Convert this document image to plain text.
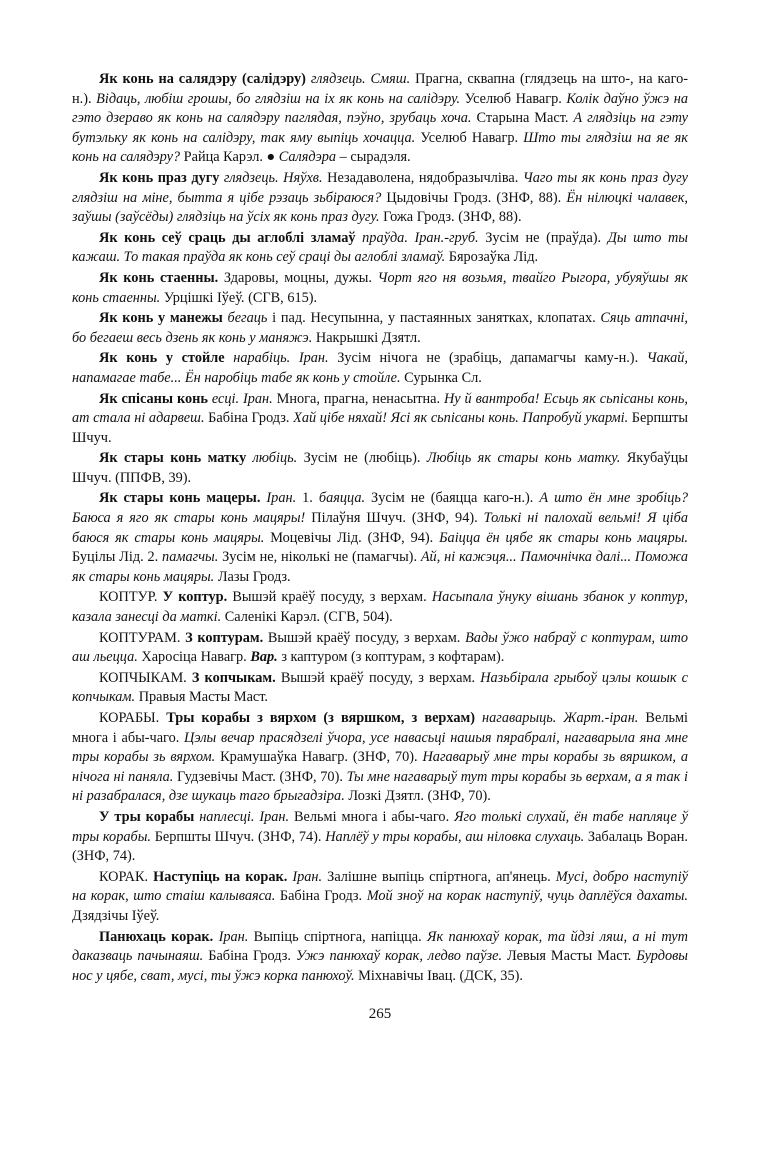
Як конь на салядэру (салідэру) глядзець. Смяш. Прагна, сквапна (глядзець на што-, на каго-н.). Відаць, любіш грошы, бо глядзіш на іх як конь на салідэру. Уселюб Навагр. Колік даўно ўжэ на гэто дзераво як конь на салядэру паглядая, пэўно, зрубаць хоча. Старына Маст. А глядзіць на гэту бутэльку як конь на салідэру, так яму выпіць хочацца. Уселюб Навагр. Што ты глядзіш на яе як конь на салядэру? Райца Карэл. ● Салядэра – сырадэля.

Як конь праз дугу глядзець. Няўхв. Незадаволена, нядобразычліва. Чаго ты як конь праз дугу глядзіш на міне, бытта я цібе рэзаць зьбіраюся? Цыдовічы Гродз. (ЗНФ, 88). Ён нілюцкі чалавек, заўшы (заўсёды) глядзіць на ўсіх як конь праз дугу. Гожа Гродз. (ЗНФ, 88).

Як конь сеў сраць ды аглоблі зламаў праўда. Іран.-груб. Зусім не (праўда). Ды што ты кажаш. То такая праўда як конь сеў сраці ды аглоблі зламаў. Бярозаўка Лід.

Як конь стаенны. Здаровы, моцны, дужы. Чорт яго ня возьмя, твайго Рыгора, убуяўшы як конь стаенны. Урцішкі Іўеў. (СГВ, 615).

Як конь у манежы бегаць і пад. Несупынна, у пастаянных занятках, клопатах. Сяць атпачні, бо бегаеш весь дзень як конь у маняжэ. Накрышкі Дзятл.

Як конь у стойле нарабіць. Іран. Зусім нічога не (зрабіць, дапамагчы каму-н.). Чакай, напамагае табе... Ён наробіць табе як конь у стойле. Сурынка Сл.

Як спісаны конь есці. Іран. Многа, прагна, ненасытна. Ну й вантроба! Есьць як сьпісаны конь, ат стала ні адарвеш. Бабіна Гродз. Хай цібе няхай! Ясі як сьпісаны конь. Папробуй укармі. Берпшты Шчуч.

Як стары конь матку любіць. Зусім не (любіць). Любіць як стары конь матку. Якубаўцы Шчуч. (ППФВ, 39).

Як стары конь мацеры. Іран. 1. баяцца. Зусім не (баяцца каго-н.). А што ён мне зробіць? Баюса я яго як стары конь мацяры! Пілаўня Шчуч. (ЗНФ, 94). Толькі ні палохай вельмі! Я ціба баюся як стары конь мацяры. Моцевічы Лід. (ЗНФ, 94). Баіцца ён цябе як стары конь мацяры. Буцілы Лід. 2. памагчы. Зусім не, ніколькі не (памагчы). Ай, ні кажэця... Памочнічка далі... Поможа як стары конь мацяры. Лазы Гродз.

КОПТУР. У коптур. Вышэй краёў посуду, з верхам. Насыпала ўнуку вішань збанок у коптур, казала занесці да маткі. Саленікі Карэл. (СГВ, 504).

КОПТУРАМ. З коптурам. Вышэй краёў посуду, з верхам. Вады ўжо набраў с коптурам, што аш льецца. Харосіца Навагр. Вар. з каптуром (з коптурам, з кофтарам).

КОПЧЫКАМ. З копчыкам. Вышэй краёў посуду, з верхам. Назьбірала грыбоў цэлы кошык с копчыкам. Правыя Масты Маст.

КОРАБЫ. Тры корабы з вярхом (з вяршком, з верхам) нагаварыць. Жарт.-іран. Вельмі многа і абы-чаго. Цэлы вечар прасядзелі ўчора, усе навасьці нашыя пярабралі, нагаварыла яна мне тры корабы зь вярхом. Крамушаўка Навагр. (ЗНФ, 70). Нагаварыў мне тры корабы зь вяршком, а нічога ні паняла. Гудзевічы Маст. (ЗНФ, 70). Ты мне нагаварыў тут тры корабы зь верхам, а я так і ні разабралася, дзе шукаць таго брыгадзіра. Лозкі Дзятл. (ЗНФ, 70).

У тры корабы наплесці. Іран. Вельмі многа і абы-чаго. Яго толькі слухай, ён табе напляце ў тры корабы. Берпшты Шчуч. (ЗНФ, 74). Наплёў у тры корабы, аш ніловка слухаць. Забалаць Воран. (ЗНФ, 74).

КОРАК. Наступіць на корак. Іран. Залішне выпіць спіртнога, ап'янець. Мусі, добро наступіў на корак, што стаіш калываяса. Бабіна Гродз. Мой зноў на корак наступіў, чуць даплёўся дахаты. Дзядзічы Іўеў.

Панюхаць корак. Іран. Выпіць спіртнога, напіцца. Як панюхаў корак, та йдзі ляш, а ні тут даказваць пачынаяш. Бабіна Гродз. Ужэ панюхаў корак, ледво паўзе. Левыя Масты Маст. Бурдовы нос у цябе, сват, мусі, ты ўжэ корка панюхоў. Міхнавічы Івац. (ДСК, 35).

265
